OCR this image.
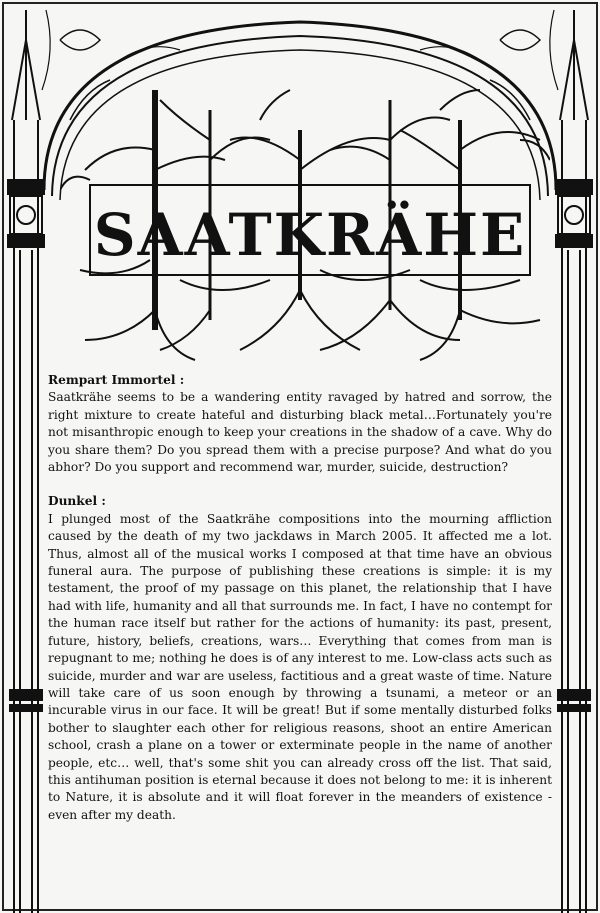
SAATKRÄHE

Rempart Immortel :

Saatkrähe seems to be a wandering entity ravaged by hatred and sorrow, the right mixture to create hateful and disturbing black metal…Fortunately you're not misanthropic enough to keep your creations in the shadow of a cave. Why do you share them? Do you spread them with a precise purpose? And what do you abhor? Do you support and recommend war, murder, suicide, destruction?

Dunkel :

I plunged most of the Saatkrähe compositions into the mourning affliction caused by the death of my two jackdaws in March 2005. It affected me a lot. Thus, almost all of the musical works I composed at that time have an obvious funeral aura. The purpose of publishing these creations is simple: it is my testament, the proof of my passage on this planet, the relationship that I have had with life, humanity and all that surrounds me. In fact, I have no contempt for the human race itself but rather for the actions of humanity: its past, present, future, history, beliefs, creations, wars… Everything that comes from man is repugnant to me; nothing he does is of any interest to me. Low-class acts such as suicide, murder and war are useless, factitious and a great waste of time. Nature will take care of us soon enough by throwing a tsunami, a meteor or an incurable virus in our face. It will be great! But if some mentally disturbed folks bother to slaughter each other for religious reasons, shoot an entire American school, crash a plane on a tower or exterminate people in the name of another people, etc… well, that's some shit you can already cross off the list. That said, this antihuman position is eternal because it does not belong to me: it is inherent to Nature, it is absolute and it will float forever in the meanders of existence - even after my death.
